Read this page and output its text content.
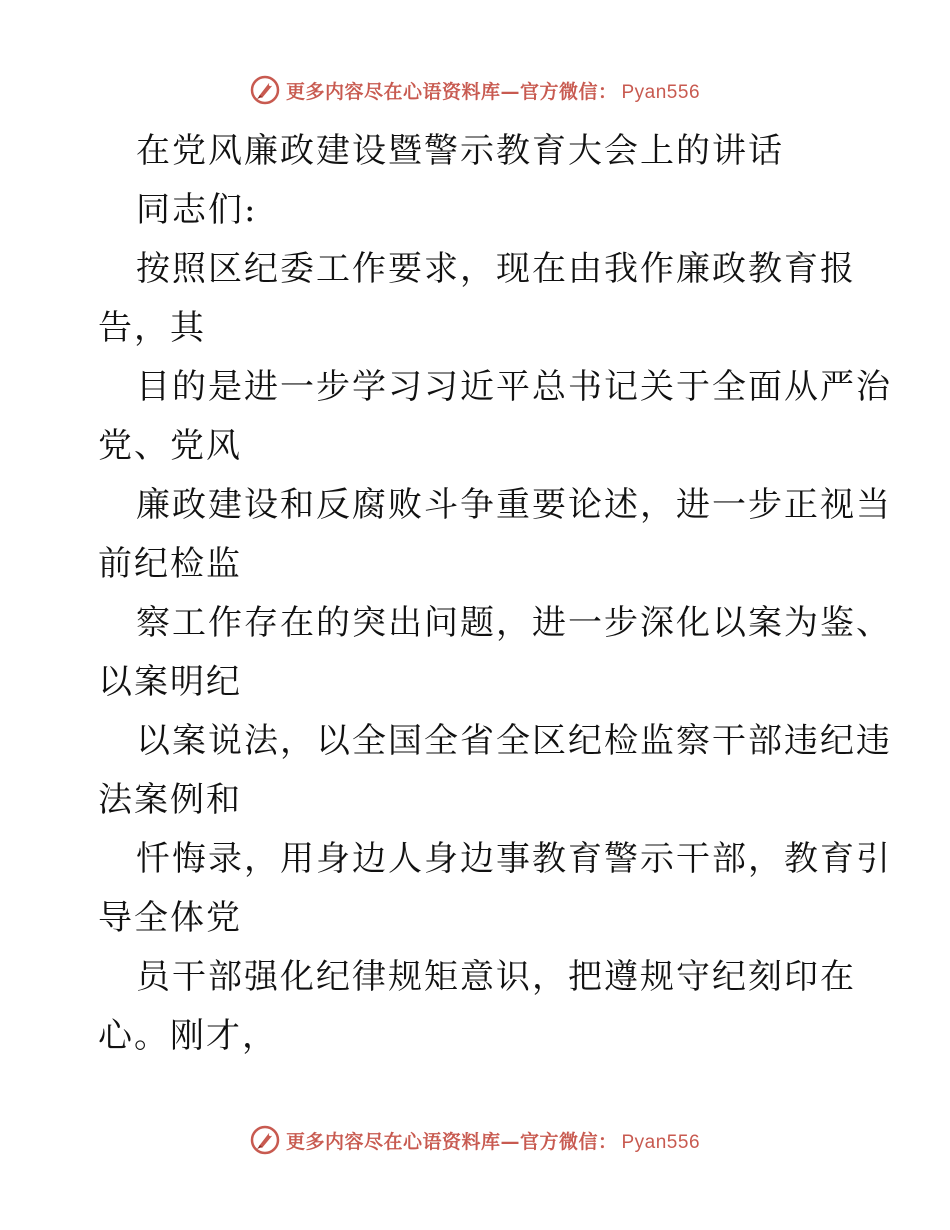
更多内容尽在心语资料库—官方微信： Pyan556
在党风廉政建设暨警示教育大会上的讲话
同志们:
按照区纪委工作要求，现在由我作廉政教育报
告，其
目的是进一步学习习近平总书记关于全面从严治
党、党风
廉政建设和反腐败斗争重要论述，进一步正视当
前纪检监
察工作存在的突出问题，进一步深化以案为鉴、
以案明纪
以案说法，以全国全省全区纪检监察干部违纪违
法案例和
忏悔录，用身边人身边事教育警示干部，教育引
导全体党
员干部强化纪律规矩意识，把遵规守纪刻印在
心。刚才，
更多内容尽在心语资料库—官方微信： Pyan556
